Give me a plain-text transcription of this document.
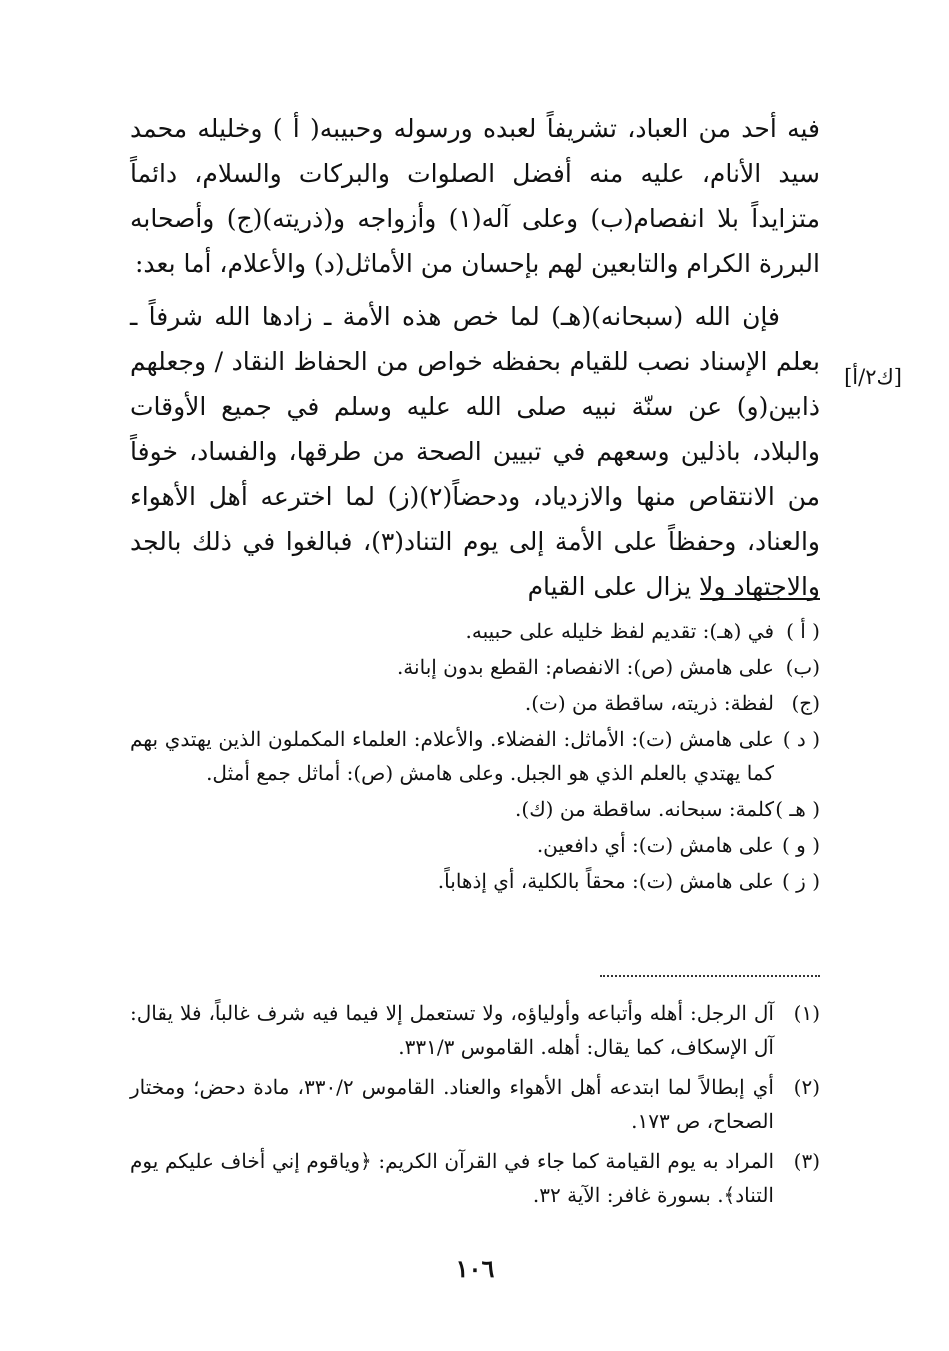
فيه أحد من العباد، تشريفاً لعبده ورسوله وحبيبه( أ ) وخليله محمد سيد الأنام، عليه منه أفضل الصلوات والبركات والسلام، دائماً متزايداً بلا انفصام(ب) وعلى آله(١) وأزواجه و(ذريته)(ج) وأصحابه البررة الكرام والتابعين لهم بإحسان من الأماثل(د) والأعلام، أما بعد:

فإن الله (سبحانه)(هـ) لما خص هذه الأمة ـ زادها الله شرفاً ـ بعلم الإسناد نصب للقيام بحفظه خواص من الحفاظ النقاد / وجعلهم ذابين(و) عن سنّة نبيه صلى الله عليه وسلم في جميع الأوقات والبلاد، باذلين وسعهم في تبيين الصحة من طرقها، والفساد، خوفاً من الانتقاص منها والازدياد، ودحضاً(٢)(ز) لما اخترعه أهل الأهواء والعناد، وحفظاً على الأمة إلى يوم التناد(٣)، فبالغوا في ذلك بالجد والاجتهاد ولا يزال على القيام

[ك٢/أ]
( أ )
في (هـ): تقديم لفظ خليله على حبيبه.
(ب)
على هامش (ص): الانفصام: القطع بدون إبانة.
(ج)
لفظة: ذريته، ساقطة من (ت).
( د )
على هامش (ت): الأماثل: الفضلاء. والأعلام: العلماء المكملون الذين يهتدي بهم كما يهتدي بالعلم الذي هو الجبل. وعلى هامش (ص): أماثل جمع أمثل.
( هـ )
كلمة: سبحانه. ساقطة من (ك).
( و )
على هامش (ت): أي دافعين.
( ز )
على هامش (ت): محقاً بالكلية، أي إذهاباً.
(١)
آل الرجل: أهله وأتباعه وأولياؤه، ولا تستعمل إلا فيما فيه شرف غالباً، فلا يقال: آل الإسكاف، كما يقال: أهله. القاموس ٣٣١/٣.
(٢)
أي إبطالاً لما ابتدعه أهل الأهواء والعناد. القاموس ٣٣٠/٢، مادة دحض؛ ومختار الصحاح، ص ١٧٣.
(٣)
المراد به يوم القيامة كما جاء في القرآن الكريم: ﴿وياقوم إني أخاف عليكم يوم التناد﴾. بسورة غافر: الآية ٣٢.
١٠٦
